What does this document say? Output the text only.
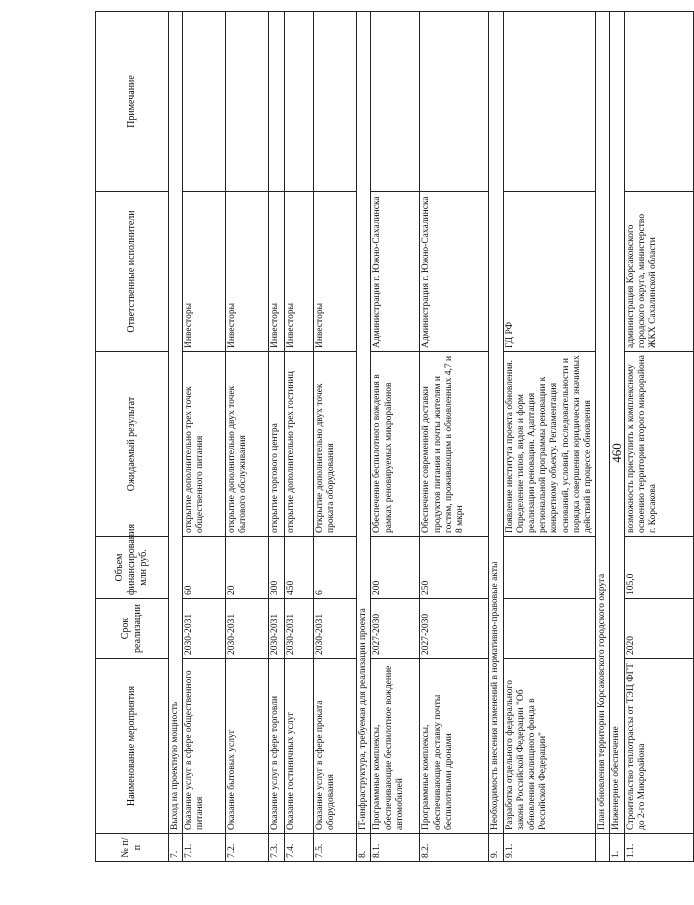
№ п/п	Наименование мероприятия	Срок реализации	Объем финансирования млн руб.	Ожидаемый результат	Ответственные исполнители	Примечание
7.	Выход на проектную мощность					
7.1.	Оказание услуг в сфере общественного питания	2030-2031	60	открытие дополнительно трех точек общественного питания	Инвесторы	
7.2.	Оказание бытовых услуг	2030-2031	20	открытие дополнительно двух точек бытового обслуживания	Инвесторы	
7.3.	Оказание услуг в сфере торговли	2030-2031	300	открытие торгового центра	Инвесторы	
7.4.	Оказание гостиничных услуг	2030-2031	450	открытие дополнительно трех гостиниц	Инвесторы	
7.5.	Оказание услуг в сфере проката оборудования	2030-2031	6	Открытие дополнительно двух точек проката оборудования	Инвесторы	
8.	IT-инфраструктура, требуемая для реализации проекта					
8.1.	Программные комплексы, обеспечивающие беспилотное вождение автомобилей	2027-2030	200	Обеспечение беспилотного вождения в рамках реновируемых микрорайонов	Администрация г. Южно-Сахалинска	
8.2.	Программные комплексы, обеспечивающие доставку почты беспилотными дронами	2027-2030	250	Обеспечение современной доставки продуктов питания и почты жителям и гостям, проживающим в обновленных 4,7 и 8 мкрн	Администрация г. Южно-Сахалинска	
9.	Необходимость внесения изменений в нормативно-правовые акты					
9.1.	Разработка отдельного федерального закона Российской Федерации "Об обновлении жилищного фонда в Российской Федерации"			Появление института проекта обновления. Определение типов, видов и форм реализации реновации. Адаптация региональной программы реновации к конкретному объекту. Регламентация оснований, условий, последовательности и порядка совершения юридически значимых действий в процессе обновления	ГД РФ	
	План обновления территории Корсаковского городского округа					
1.	Инженерное обеспечение					
1.1.	Строительство теплотрассы от ТЭЦ ФГТ до 2-го Микрорайона	2020	105,0	возможность приступить к комплексному освоению территории второго микрорайона г. Корсакова	администрация Корсаковского городского округа, министерство ЖКХ Сахалинской области	
460
